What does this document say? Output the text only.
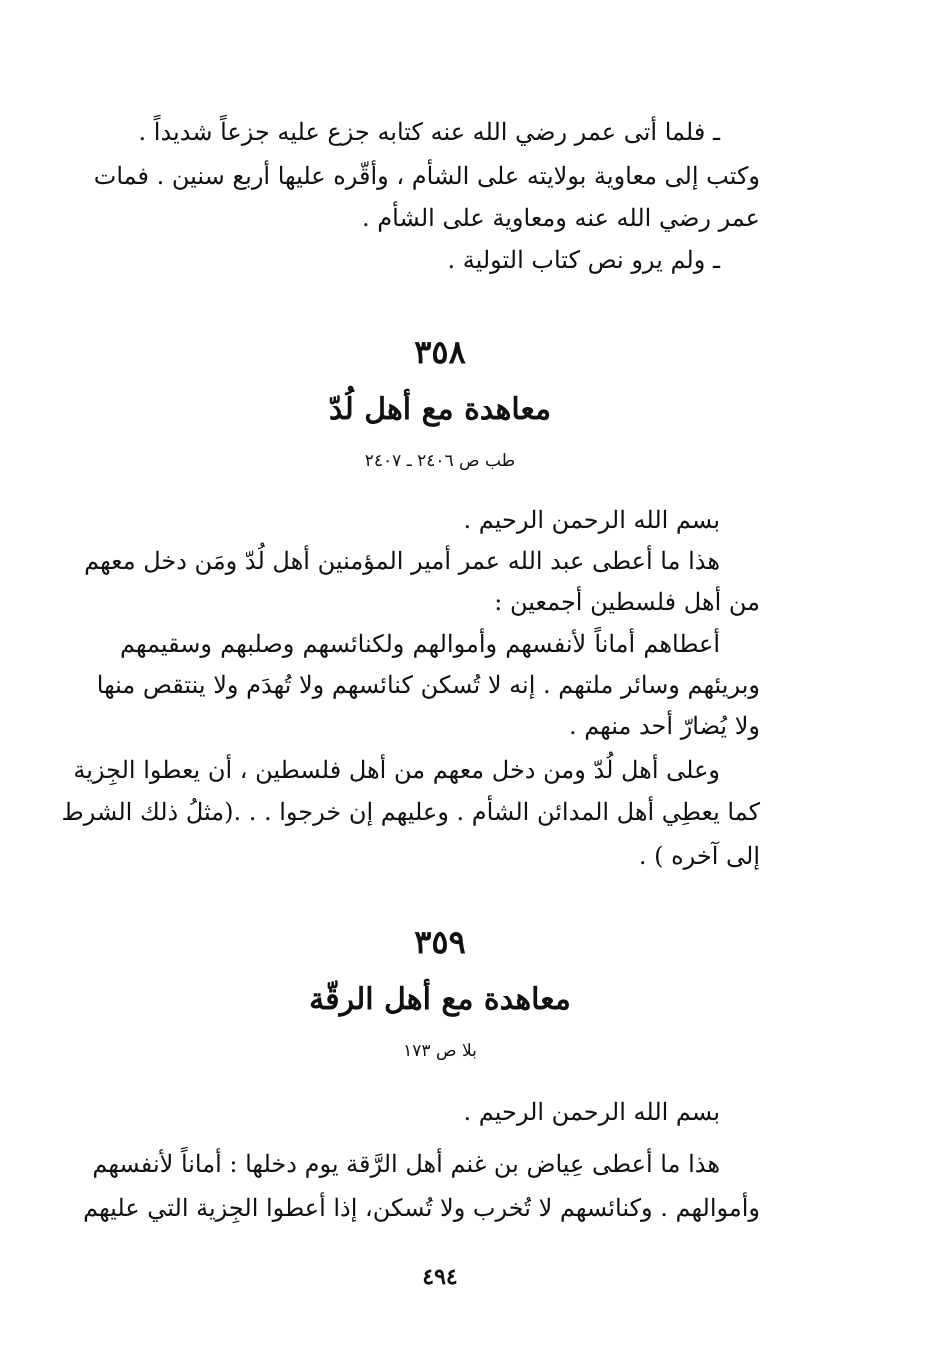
ـ فلما أتى عمر رضي الله عنه كتابه جزع عليه جزعاً شديداً .
وكتب إلى معاوية بولايته على الشأم ، وأقّره عليها أربع سنين . فمات
عمر رضي الله عنه ومعاوية على الشأم .
ـ ولم يرو نص كتاب التولية .
٣٥٨
معاهدة مع أهل لُدّ
طب ص ٢٤٠٦ ـ ٢٤٠٧
بسم الله الرحمن الرحيم .
هذا ما أعطى عبد الله عمر أمير المؤمنين أهل لُدّ ومَن دخل معهم
من أهل فلسطين أجمعين :
أعطاهم أماناً لأنفسهم وأموالهم ولكنائسهم وصلبهم وسقيمهم
وبريئهم وسائر ملتهم . إنه لا تُسكن كنائسهم ولا تُهدَم ولا ينتقص منها
ولا يُضارّ أحد منهم .
وعلى أهل لُدّ ومن دخل معهم من أهل فلسطين ، أن يعطوا الجِزية
كما يعطِي أهل المدائن الشأم . وعليهم إن خرجوا . . .(مثلُ ذلك الشرط
إلى آخره ) .
٣٥٩
معاهدة مع أهل الرقّة
بلا ص ١٧٣
بسم الله الرحمن الرحيم .
هذا ما أعطى عِياض بن غنم أهل الرَّقة يوم دخلها : أماناً لأنفسهم
وأموالهم . وكنائسهم لا تُخرب ولا تُسكن، إذا أعطوا الجِزية التي عليهم
٤٩٤
